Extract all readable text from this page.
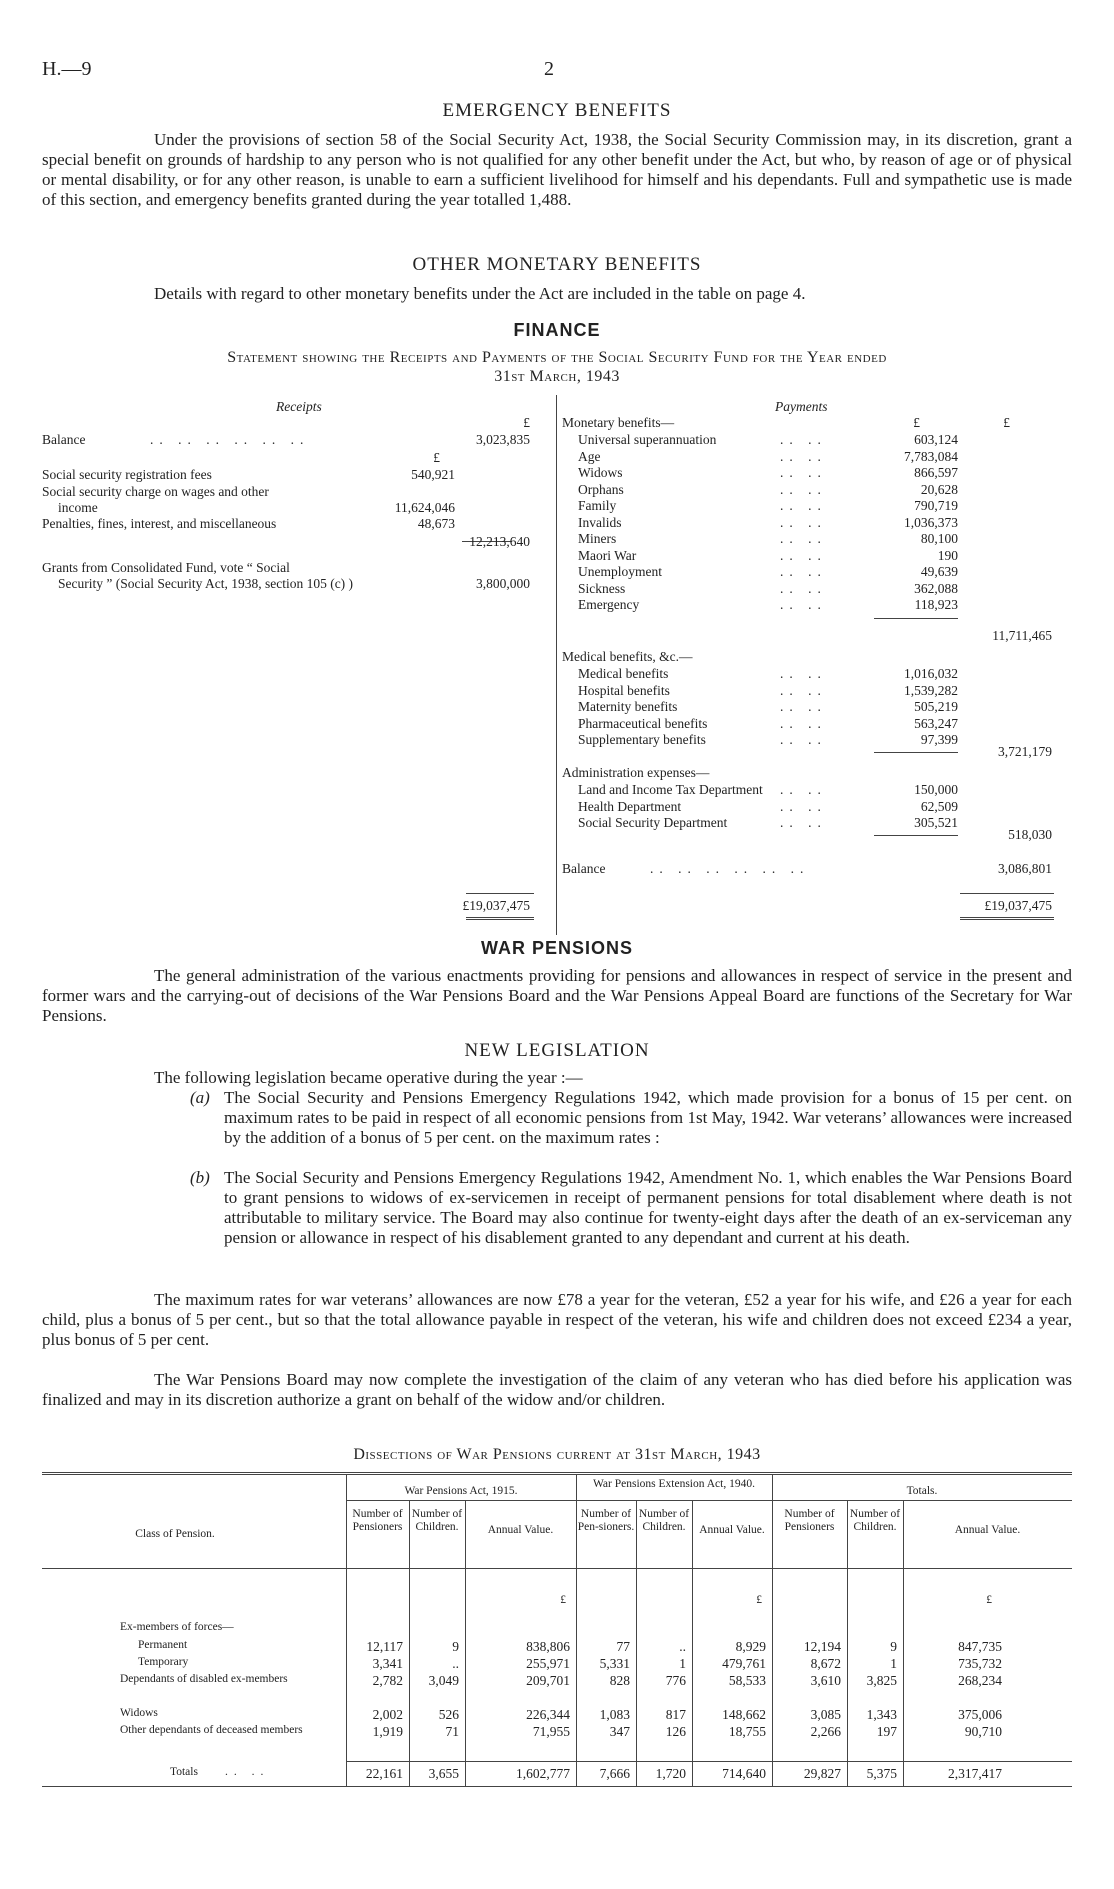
H.—9	2
EMERGENCY BENEFITS
Under the provisions of section 58 of the Social Security Act, 1938, the Social Security Commission may, in its discretion, grant a special benefit on grounds of hardship to any person who is not qualified for any other benefit under the Act, but who, by reason of age or of physical or mental disability, or for any other reason, is unable to earn a sufficient livelihood for himself and his dependants. Full and sympathetic use is made of this section, and emergency benefits granted during the year totalled 1,488.
OTHER MONETARY BENEFITS
Details with regard to other monetary benefits under the Act are included in the table on page 4.
FINANCE
Statement showing the Receipts and Payments of the Social Security Fund for the Year ended
31st March, 1943
Receipts
£
Balance	.. .. .. .. .. ..	3,023,835
£
Social security registration fees	540,921
Social security charge on wages and other
income	11,624,046
Penalties, fines, interest, and miscellaneous	48,673
12,213,640
Grants from Consolidated Fund, vote “ Social
Security ” (Social Security Act, 1938, section 105 (c) )	3,800,000
£19,037,475
Payments
Monetary benefits—	£	£
Universal superannuation	.. ..	603,124
Age	.. ..	7,783,084
Widows	.. ..	866,597
Orphans	.. ..	20,628
Family	.. ..	790,719
Invalids	.. ..	1,036,373
Miners	.. ..	80,100
Maori War	.. ..	190
Unemployment	.. ..	49,639
Sickness	.. ..	362,088
Emergency	.. ..	118,923
11,711,465
Medical benefits, &c.—
Medical benefits	.. ..	1,016,032
Hospital benefits	.. ..	1,539,282
Maternity benefits	.. ..	505,219
Pharmaceutical benefits	.. ..	563,247
Supplementary benefits	.. ..	97,399
3,721,179
Administration expenses—
Land and Income Tax Department .. ..	150,000
Health Department	.. ..	62,509
Social Security Department	.. ..	305,521
518,030
Balance	.. .. .. .. .. ..	3,086,801
£19,037,475
WAR PENSIONS
The general administration of the various enactments providing for pensions and allowances in respect of service in the present and former wars and the carrying-out of decisions of the War Pensions Board and the War Pensions Appeal Board are functions of the Secretary for War Pensions.
NEW LEGISLATION
The following legislation became operative during the year :—
(a) The Social Security and Pensions Emergency Regulations 1942, which made provision for a bonus of 15 per cent. on maximum rates to be paid in respect of all economic pensions from 1st May, 1942. War veterans’ allowances were increased by the addition of a bonus of 5 per cent. on the maximum rates :
(b) The Social Security and Pensions Emergency Regulations 1942, Amendment No. 1, which enables the War Pensions Board to grant pensions to widows of ex-servicemen in receipt of permanent pensions for total disablement where death is not attributable to military service. The Board may also continue for twenty-eight days after the death of an ex-serviceman any pension or allowance in respect of his disablement granted to any dependant and current at his death.
The maximum rates for war veterans’ allowances are now £78 a year for the veteran, £52 a year for his wife, and £26 a year for each child, plus a bonus of 5 per cent., but so that the total allowance payable in respect of the veteran, his wife and children does not exceed £234 a year, plus bonus of 5 per cent.
The War Pensions Board may now complete the investigation of the claim of any veteran who has died before his application was finalized and may in its discretion authorize a grant on behalf of the widow and/or children.
Dissections of War Pensions current at 31st March, 1943
Class of Pension.
War Pensions Act, 1915.
War Pensions Extension Act, 1940.
Totals.
Number of Pensioners
Number of Children.	Annual Value.
Number of Pen-sioners.
Number of Children.	Annual Value.
Number of Pensioners
Number of Children.	Annual Value.
£	£	£
Ex-members of forces—
Permanent	12,117	9	838,806	77	..	8,929	12,194	9	847,735
Temporary	3,341	..	255,971	5,331	1	479,761	8,672	1	735,732
Dependants of disabled ex-members	2,782	3,049	209,701	828	776	58,533	3,610	3,825	268,234
Widows	2,002	526	226,344	1,083	817	148,662	3,085	1,343	375,006
Other dependants of deceased members	1,919	71	71,955	347	126	18,755	2,266	197	90,710
Totals .. ..	22,161	3,655	1,602,777	7,666	1,720	714,640	29,827	5,375	2,317,417
